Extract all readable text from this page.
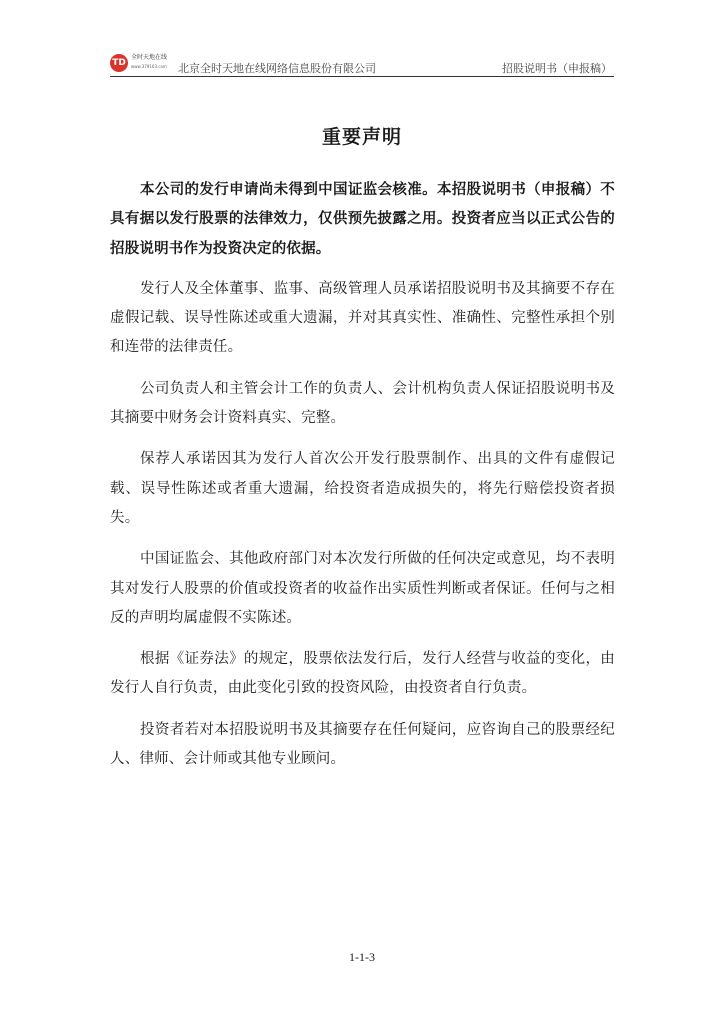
TD
全时天地在线
www.379163.com 北京全时天地在线网络信息股份有限公司	招股说明书（申报稿）
重要声明

本公司的发行申请尚未得到中国证监会核准。本招股说明书（申报稿）不具有据以发行股票的法律效力，仅供预先披露之用。投资者应当以正式公告的招股说明书作为投资决定的依据。

发行人及全体董事、监事、高级管理人员承诺招股说明书及其摘要不存在虚假记载、误导性陈述或重大遗漏，并对其真实性、准确性、完整性承担个别和连带的法律责任。

公司负责人和主管会计工作的负责人、会计机构负责人保证招股说明书及其摘要中财务会计资料真实、完整。

保荐人承诺因其为发行人首次公开发行股票制作、出具的文件有虚假记载、误导性陈述或者重大遗漏，给投资者造成损失的，将先行赔偿投资者损失。

中国证监会、其他政府部门对本次发行所做的任何决定或意见，均不表明其对发行人股票的价值或投资者的收益作出实质性判断或者保证。任何与之相反的声明均属虚假不实陈述。

根据《证券法》的规定，股票依法发行后，发行人经营与收益的变化，由发行人自行负责，由此变化引致的投资风险，由投资者自行负责。

投资者若对本招股说明书及其摘要存在任何疑问，应咨询自己的股票经纪人、律师、会计师或其他专业顾问。

1-1-3
